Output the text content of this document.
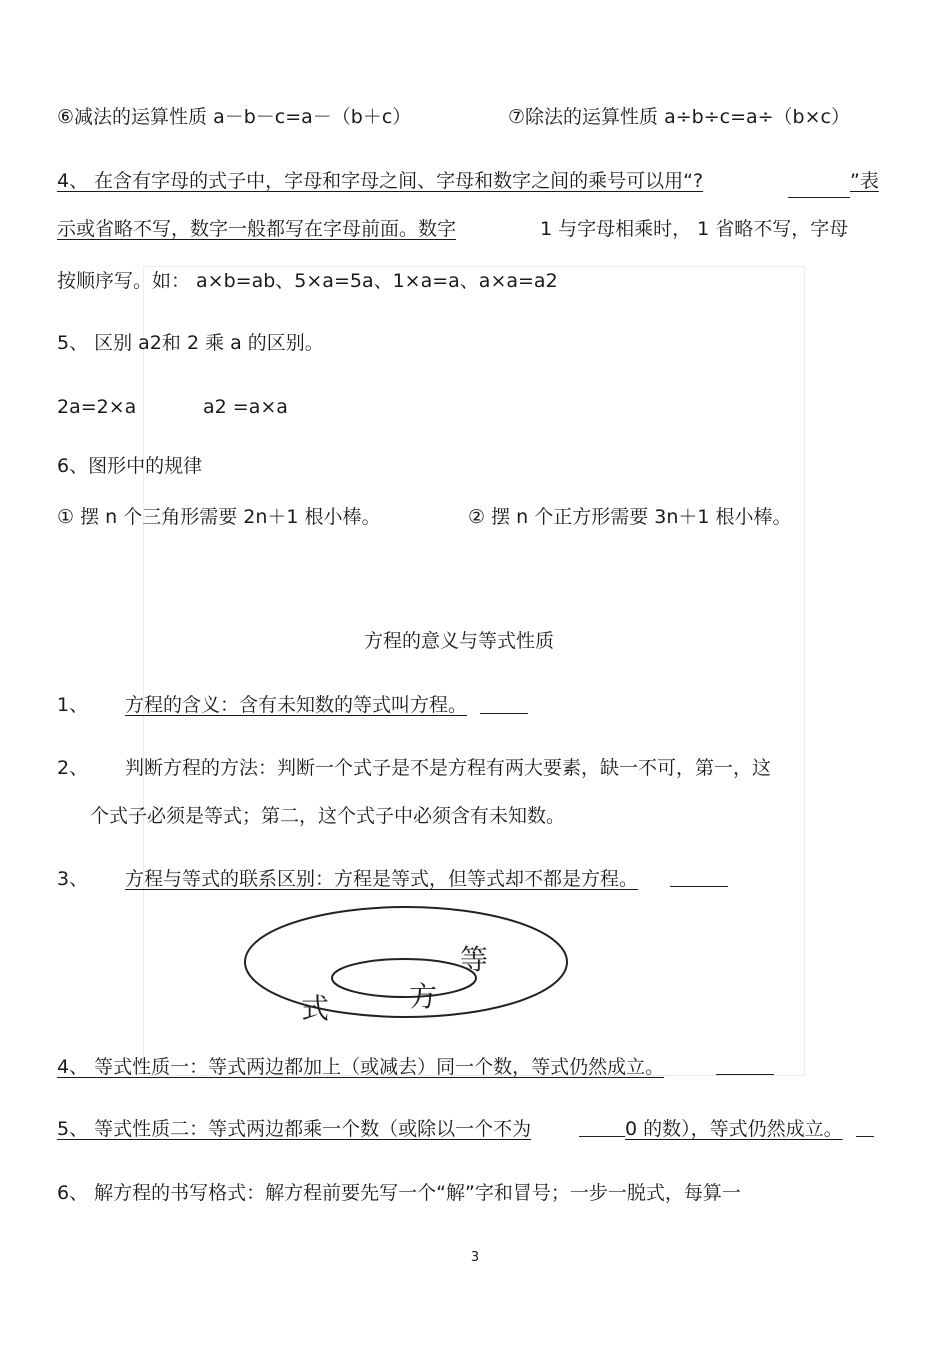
⑥减法的运算性质 a－b－c=a－（b＋c）	⑦除法的运算性质 a÷b÷c=a÷（b×c）
4、 在含有字母的式子中，字母和字母之间、字母和数字之间的乘号可以用“?	”表
示或省略不写，数字一般都写在字母前面。数字	1 与字母相乘时， 1 省略不写，字母
按顺序写。如： a×b=ab、5×a=5a、1×a=a、a×a=a2
5、 区别 a2和 2 乘 a 的区别。
2a=2×a	a2 =a×a
6、图形中的规律
① 摆 n 个三角形需要 2n＋1 根小棒。	② 摆 n 个正方形需要 3n＋1 根小棒。
方程的意义与等式性质
1、 方程的含义：含有未知数的等式叫方程。
2、 判断方程的方法：判断一个式子是不是方程有两大要素，缺一不可，第一，这
个式子必须是等式；第二，这个式子中必须含有未知数。
3、 方程与等式的联系区别：方程是等式，但等式却不都是方程。
等
式	方
4、 等式性质一：等式两边都加上（或减去）同一个数，等式仍然成立。
5、 等式性质二：等式两边都乘一个数（或除以一个不为	0 的数），等式仍然成立。
6、 解方程的书写格式：解方程前要先写一个“解”字和冒号；一步一脱式，每算一
3
